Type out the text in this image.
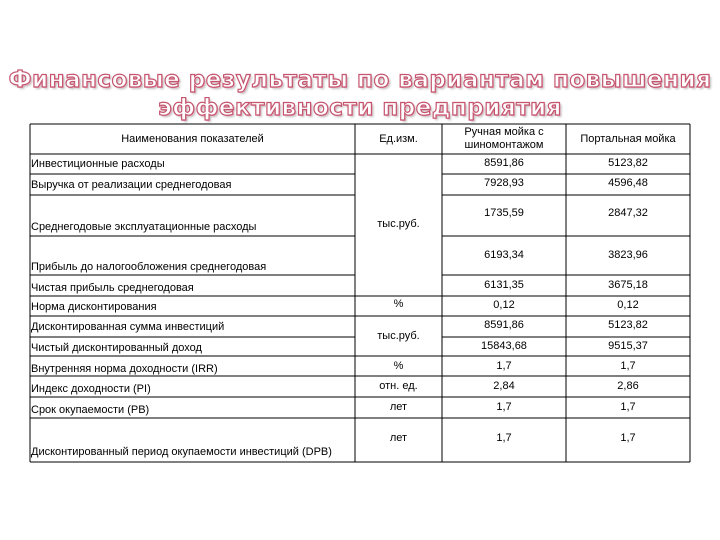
Финансовые результаты по вариантам повышения
эффективности предприятия
Наименования показателей	Ед.изм.
Ручная мойка с
шиномонтажом	Портальная мойка
Инвестиционные расходы
Выручка от реализации среднегодовая
Среднегодовые эксплуатационные расходы
Прибыль до налогообложения среднегодовая
Чистая прибыль среднегодовая
Норма дисконтирования
Дисконтированная сумма инвестиций
Чистый дисконтированный доход
Внутренняя норма доходности (IRR)
Индекс доходности (PI)
Срок окупаемости (PB)
Дисконтированный период окупаемости инвестиций (DPB)
тыс.руб.
%
тыс.руб.
%
отн. ед.
лет
лет
8591,86
7928,93
1735,59
6193,34
6131,35
0,12
8591,86
15843,68
1,7
2,84
1,7
1,7
5123,82
4596,48
2847,32
3823,96
3675,18
0,12
5123,82
9515,37
1,7
2,86
1,7
1,7
